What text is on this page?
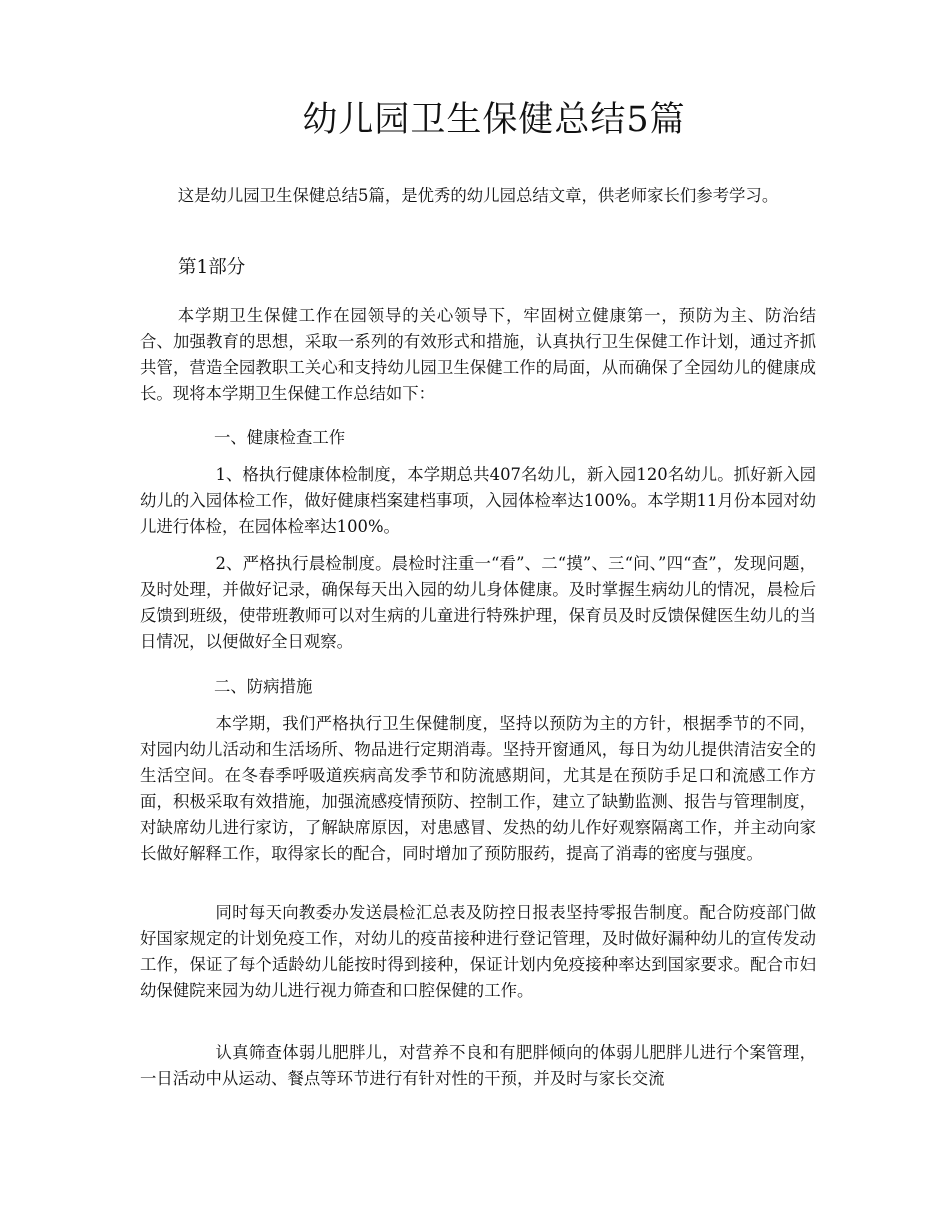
幼儿园卫生保健总结5篇

这是幼儿园卫生保健总结5篇，是优秀的幼儿园总结文章，供老师家长们参考学习。

第1部分

本学期卫生保健工作在园领导的关心领导下，牢固树立健康第一，预防为主、防治结合、加强教育的思想，采取一系列的有效形式和措施，认真执行卫生保健工作计划，通过齐抓共管，营造全园教职工关心和支持幼儿园卫生保健工作的局面，从而确保了全园幼儿的健康成长。现将本学期卫生保健工作总结如下：

一、健康检查工作

1、格执行健康体检制度，本学期总共407名幼儿，新入园120名幼儿。抓好新入园幼儿的入园体检工作，做好健康档案建档事项，入园体检率达100%。本学期11月份本园对幼儿进行体检，在园体检率达100%。

2、严格执行晨检制度。晨检时注重一“看”、二“摸”、三“问、”四“查”，发现问题，及时处理，并做好记录，确保每天出入园的幼儿身体健康。及时掌握生病幼儿的情况，晨检后反馈到班级，使带班教师可以对生病的儿童进行特殊护理，保育员及时反馈保健医生幼儿的当日情况，以便做好全日观察。

二、防病措施

本学期，我们严格执行卫生保健制度，坚持以预防为主的方针，根据季节的不同，对园内幼儿活动和生活场所、物品进行定期消毒。坚持开窗通风，每日为幼儿提供清洁安全的生活空间。在冬春季呼吸道疾病高发季节和防流感期间，尤其是在预防手足口和流感工作方面，积极采取有效措施，加强流感疫情预防、控制工作，建立了缺勤监测、报告与管理制度，对缺席幼儿进行家访，了解缺席原因，对患感冒、发热的幼儿作好观察隔离工作，并主动向家长做好解释工作，取得家长的配合，同时增加了预防服药，提高了消毒的密度与强度。

同时每天向教委办发送晨检汇总表及防控日报表坚持零报告制度。配合防疫部门做好国家规定的计划免疫工作，对幼儿的疫苗接种进行登记管理，及时做好漏种幼儿的宣传发动工作，保证了每个适龄幼儿能按时得到接种，保证计划内免疫接种率达到国家要求。配合市妇幼保健院来园为幼儿进行视力筛查和口腔保健的工作。

认真筛查体弱儿肥胖儿，对营养不良和有肥胖倾向的体弱儿肥胖儿进行个案管理，一日活动中从运动、餐点等环节进行有针对性的干预，并及时与家长交流
